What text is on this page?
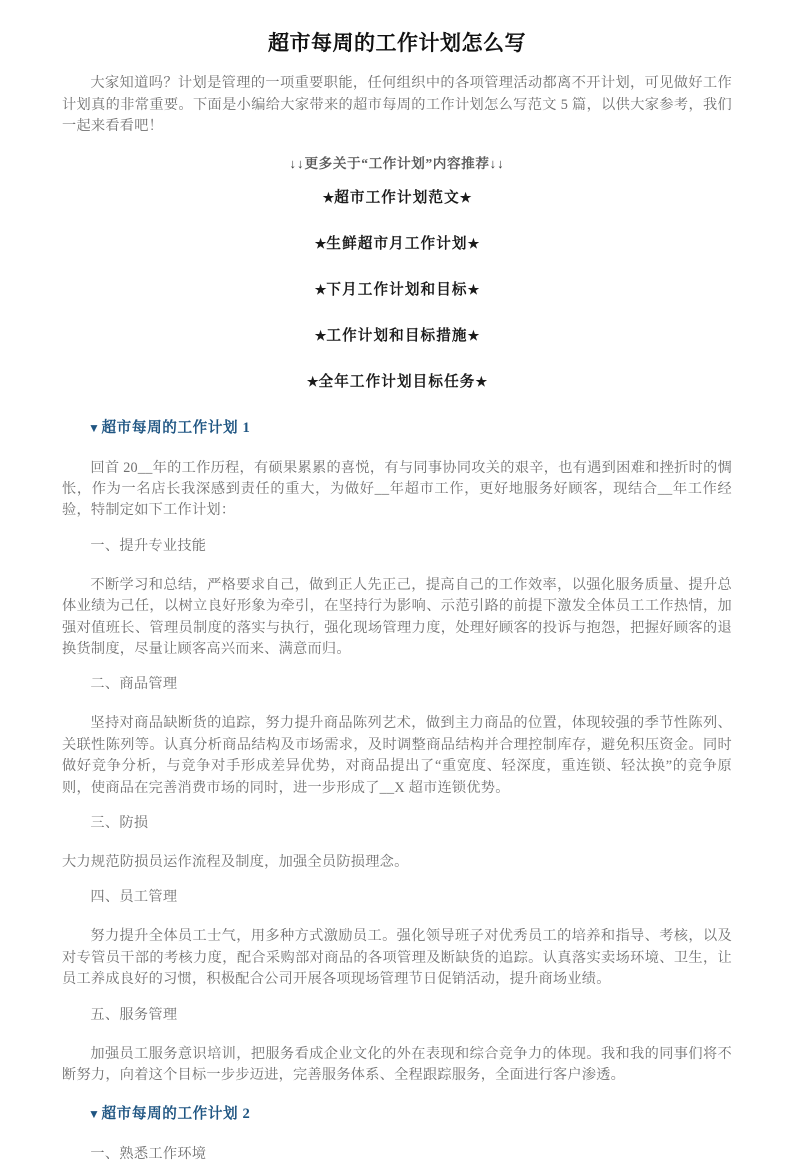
超市每周的工作计划怎么写

大家知道吗？计划是管理的一项重要职能，任何组织中的各项管理活动都离不开计划，可见做好工作计划真的非常重要。下面是小编给大家带来的超市每周的工作计划怎么写范文 5 篇，以供大家参考，我们一起来看看吧！

↓↓更多关于“工作计划”内容推荐↓↓
★超市工作计划范文★
★生鲜超市月工作计划★
★下月工作计划和目标★
★工作计划和目标措施★
★全年工作计划目标任务★
▼超市每周的工作计划 1

回首 20__年的工作历程，有硕果累累的喜悦，有与同事协同攻关的艰辛，也有遇到困难和挫折时的惆怅，作为一名店长我深感到责任的重大，为做好__年超市工作，更好地服务好顾客，现结合__年工作经验，特制定如下工作计划：

一、提升专业技能

不断学习和总结，严格要求自己，做到正人先正己，提高自己的工作效率，以强化服务质量、提升总体业绩为己任，以树立良好形象为牵引，在坚持行为影响、示范引路的前提下激发全体员工工作热情，加强对值班长、管理员制度的落实与执行，强化现场管理力度，处理好顾客的投诉与抱怨，把握好顾客的退换货制度，尽量让顾客高兴而来、满意而归。

二、商品管理

坚持对商品缺断货的追踪，努力提升商品陈列艺术，做到主力商品的位置，体现较强的季节性陈列、关联性陈列等。认真分析商品结构及市场需求，及时调整商品结构并合理控制库存，避免积压资金。同时做好竞争分析，与竞争对手形成差异优势，对商品提出了“重宽度、轻深度，重连锁、轻汰换”的竞争原则，使商品在完善消费市场的同时，进一步形成了__X 超市连锁优势。

三、防损

大力规范防损员运作流程及制度，加强全员防损理念。

四、员工管理

努力提升全体员工士气，用多种方式激励员工。强化领导班子对优秀员工的培养和指导、考核，以及对专管员干部的考核力度，配合采购部对商品的各项管理及断缺货的追踪。认真落实卖场环境、卫生，让员工养成良好的习惯，积极配合公司开展各项现场管理节日促销活动，提升商场业绩。

五、服务管理

加强员工服务意识培训，把服务看成企业文化的外在表现和综合竞争力的体现。我和我的同事们将不断努力，向着这个目标一步步迈进，完善服务体系、全程跟踪服务，全面进行客户渗透。

▼超市每周的工作计划 2
一、熟悉工作环境
